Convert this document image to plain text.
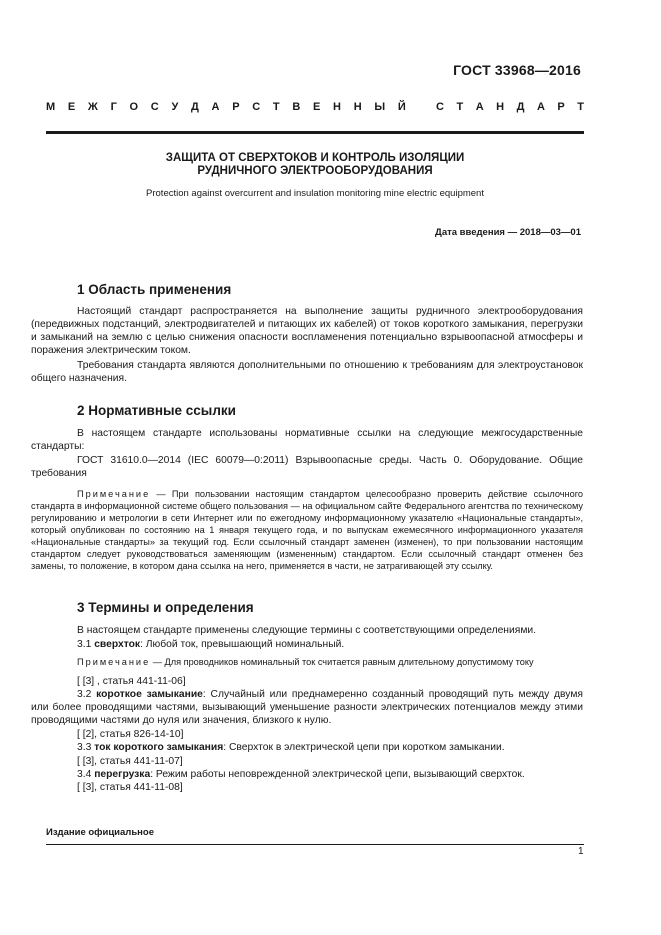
ГОСТ 33968—2016
М Е Ж Г О С У Д А Р С Т В Е Н Н Ы Й	С Т А Н Д А Р Т
ЗАЩИТА ОТ СВЕРХТОКОВ И КОНТРОЛЬ ИЗОЛЯЦИИ
РУДНИЧНОГО ЭЛЕКТРООБОРУДОВАНИЯ
Protection against overcurrent and insulation monitoring mine electric equipment
Дата введения — 2018—03—01
1 Область применения
Настоящий стандарт распространяется на выполнение защиты рудничного электрооборудования (передвижных подстанций, электродвигателей и питающих их кабелей) от токов короткого замыкания, перегрузки и замыканий на землю с целью снижения опасности воспламенения потенциально взрывоопасной атмосферы и поражения электрическим током.
Требования стандарта являются дополнительными по отношению к требованиям для электроустановок общего назначения.
2 Нормативные ссылки
В настоящем стандарте использованы нормативные ссылки на следующие межгосударственные стандарты:
ГОСТ 31610.0—2014 (IEC 60079—0:2011) Взрывоопасные среды. Часть 0. Оборудование. Общие требования
Примечание — При пользовании настоящим стандартом целесообразно проверить действие ссылочного стандарта в информационной системе общего пользования — на официальном сайте Федерального агентства по техническому регулированию и метрологии в сети Интернет или по ежегодному информационному указателю «Национальные стандарты», который опубликован по состоянию на 1 января текущего года, и по выпускам ежемесячного информационного указателя «Национальные стандарты» за текущий год. Если ссылочный стандарт заменен (изменен), то при пользовании настоящим стандартом следует руководствоваться заменяющим (измененным) стандартом. Если ссылочный стандарт отменен без замены, то положение, в котором дана ссылка на него, применяется в части, не затрагивающей эту ссылку.
3 Термины и определения
В настоящем стандарте применены следующие термины с соответствующими определениями.
3.1 сверхток: Любой ток, превышающий номинальный.
Примечание — Для проводников номинальный ток считается равным длительному допустимому току
[ [3] , статья 441-11-06]
3.2 короткое замыкание: Случайный или преднамеренно созданный проводящий путь между двумя или более проводящими частями, вызывающий уменьшение разности электрических потенциалов между этими проводящими частями до нуля или значения, близкого к нулю.
[ [2], статья 826-14-10]
3.3 ток короткого замыкания: Сверхток в электрической цепи при коротком замыкании.
[ [3], статья 441-11-07]
3.4 перегрузка: Режим работы неповрежденной электрической цепи, вызывающий сверхток.
[ [3], статья 441-11-08]
Издание официальное
1
